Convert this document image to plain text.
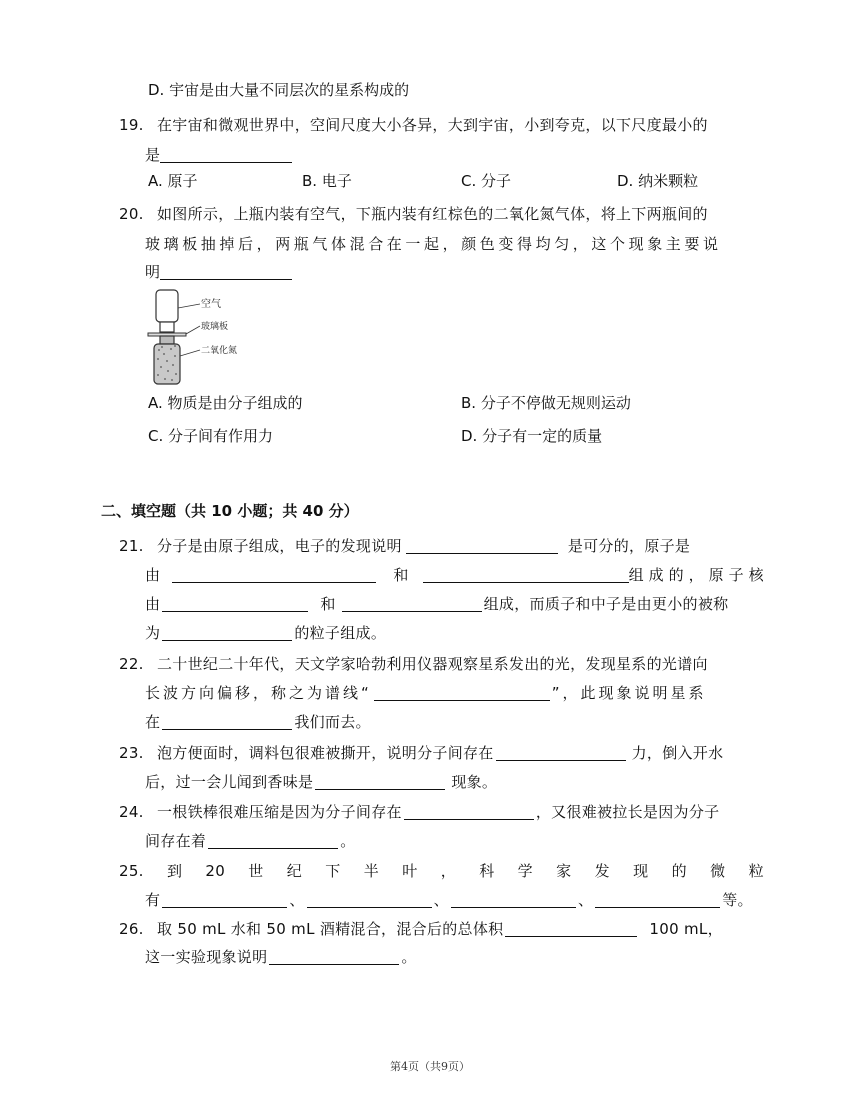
D. 宇宙是由大量不同层次的星系构成的
19. 在宇宙和微观世界中，空间尺度大小各异，大到宇宙，小到夸克，以下尺度最小的
是
A. 原子	B. 电子	C. 分子	D. 纳米颗粒
20. 如图所示，上瓶内装有空气，下瓶内装有红棕色的二氧化氮气体，将上下两瓶间的
玻璃板抽掉后，两瓶气体混合在一起，颜色变得均匀，这个现象主要说
明
空气
玻璃板
二氧化氮
A. 物质是由分子组成的	B. 分子不停做无规则运动
C. 分子间有作用力	D. 分子有一定的质量
二、填空题（共 10 小题；共 40 分）
21. 分子是由原子组成，电子的发现说明	是可分的，原子是
由	和	组成的，原子核
由	和	组成，而质子和中子是由更小的被称
为	的粒子组成。
22. 二十世纪二十年代，天文学家哈勃利用仪器观察星系发出的光，发现星系的光谱向
长波方向偏移，称之为谱线“	”，此现象说明星系
在	我们而去。
23. 泡方便面时，调料包很难被撕开，说明分子间存在	力，倒入开水
后，过一会儿闻到香味是	现象。
24. 一根铁棒很难压缩是因为分子间存在	，又很难被拉长是因为分子
间存在着	。
25. 到 20 世 纪 下 半 叶 ， 科 学 家 发 现 的 微 粒
有	、	、	、	等。
26. 取 50 mL 水和 50 mL 酒精混合，混合后的总体积	100 mL，
这一实验现象说明	。
第4页（共9页）
